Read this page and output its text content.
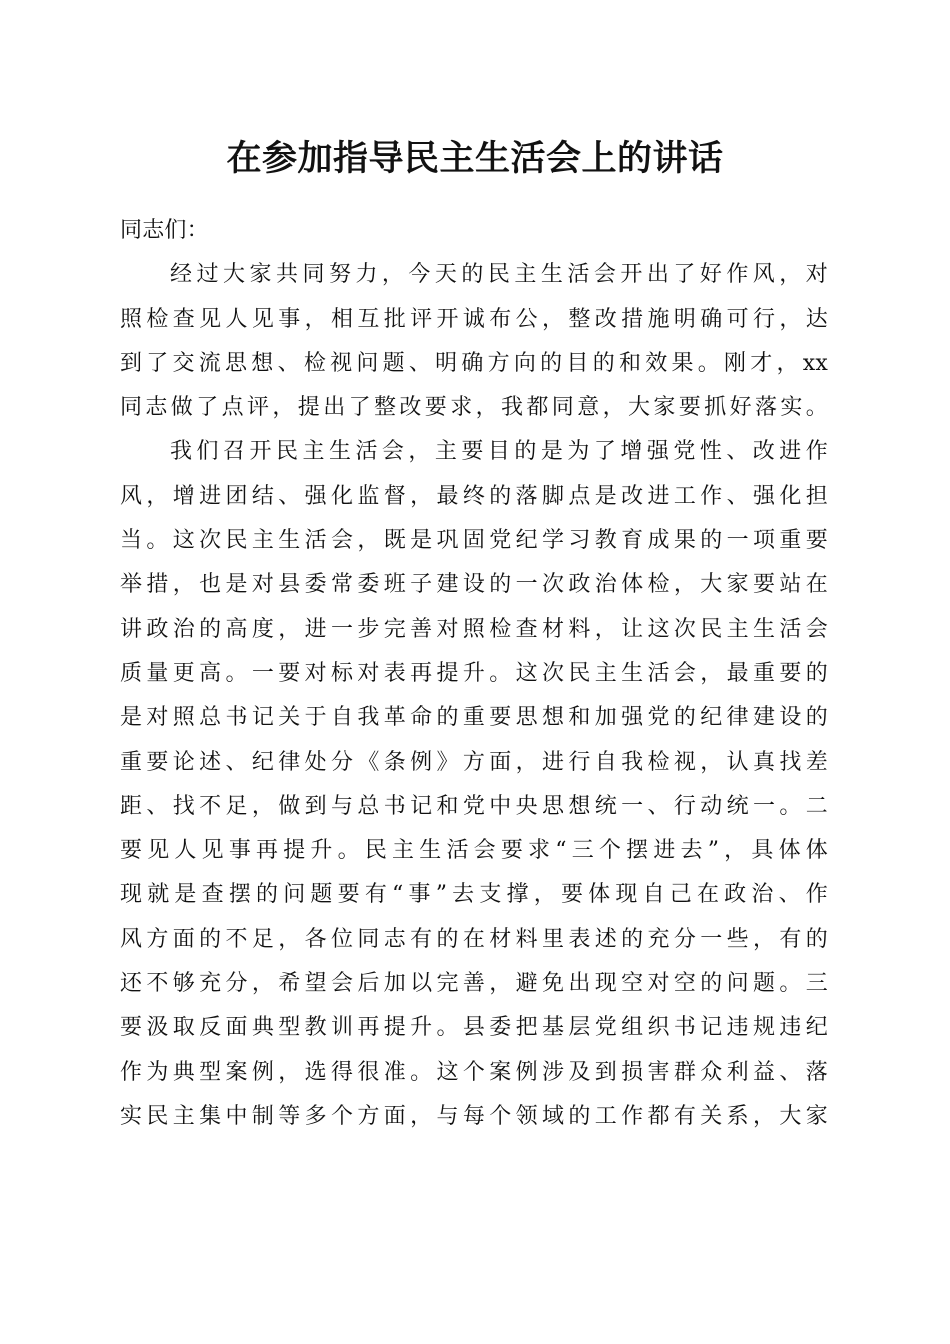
在参加指导民主生活会上的讲话
同志们：
经过大家共同努力，今天的民主生活会开出了好作风，对
照检查见人见事，相互批评开诚布公，整改措施明确可行，达
到了交流思想、检视问题、明确方向的目的和效果。刚才，xx
同志做了点评，提出了整改要求，我都同意，大家要抓好落实。
我们召开民主生活会，主要目的是为了增强党性、改进作
风，增进团结、强化监督，最终的落脚点是改进工作、强化担
当。这次民主生活会，既是巩固党纪学习教育成果的一项重要
举措，也是对县委常委班子建设的一次政治体检，大家要站在
讲政治的高度，进一步完善对照检查材料，让这次民主生活会
质量更高。一要对标对表再提升。这次民主生活会，最重要的
是对照总书记关于自我革命的重要思想和加强党的纪律建设的
重要论述、纪律处分《条例》方面，进行自我检视，认真找差
距、找不足，做到与总书记和党中央思想统一、行动统一。二
要见人见事再提升。民主生活会要求“三个摆进去”，具体体
现就是查摆的问题要有“事”去支撑，要体现自己在政治、作
风方面的不足，各位同志有的在材料里表述的充分一些，有的
还不够充分，希望会后加以完善，避免出现空对空的问题。三
要汲取反面典型教训再提升。县委把基层党组织书记违规违纪
作为典型案例，选得很准。这个案例涉及到损害群众利益、落
实民主集中制等多个方面，与每个领域的工作都有关系，大家
